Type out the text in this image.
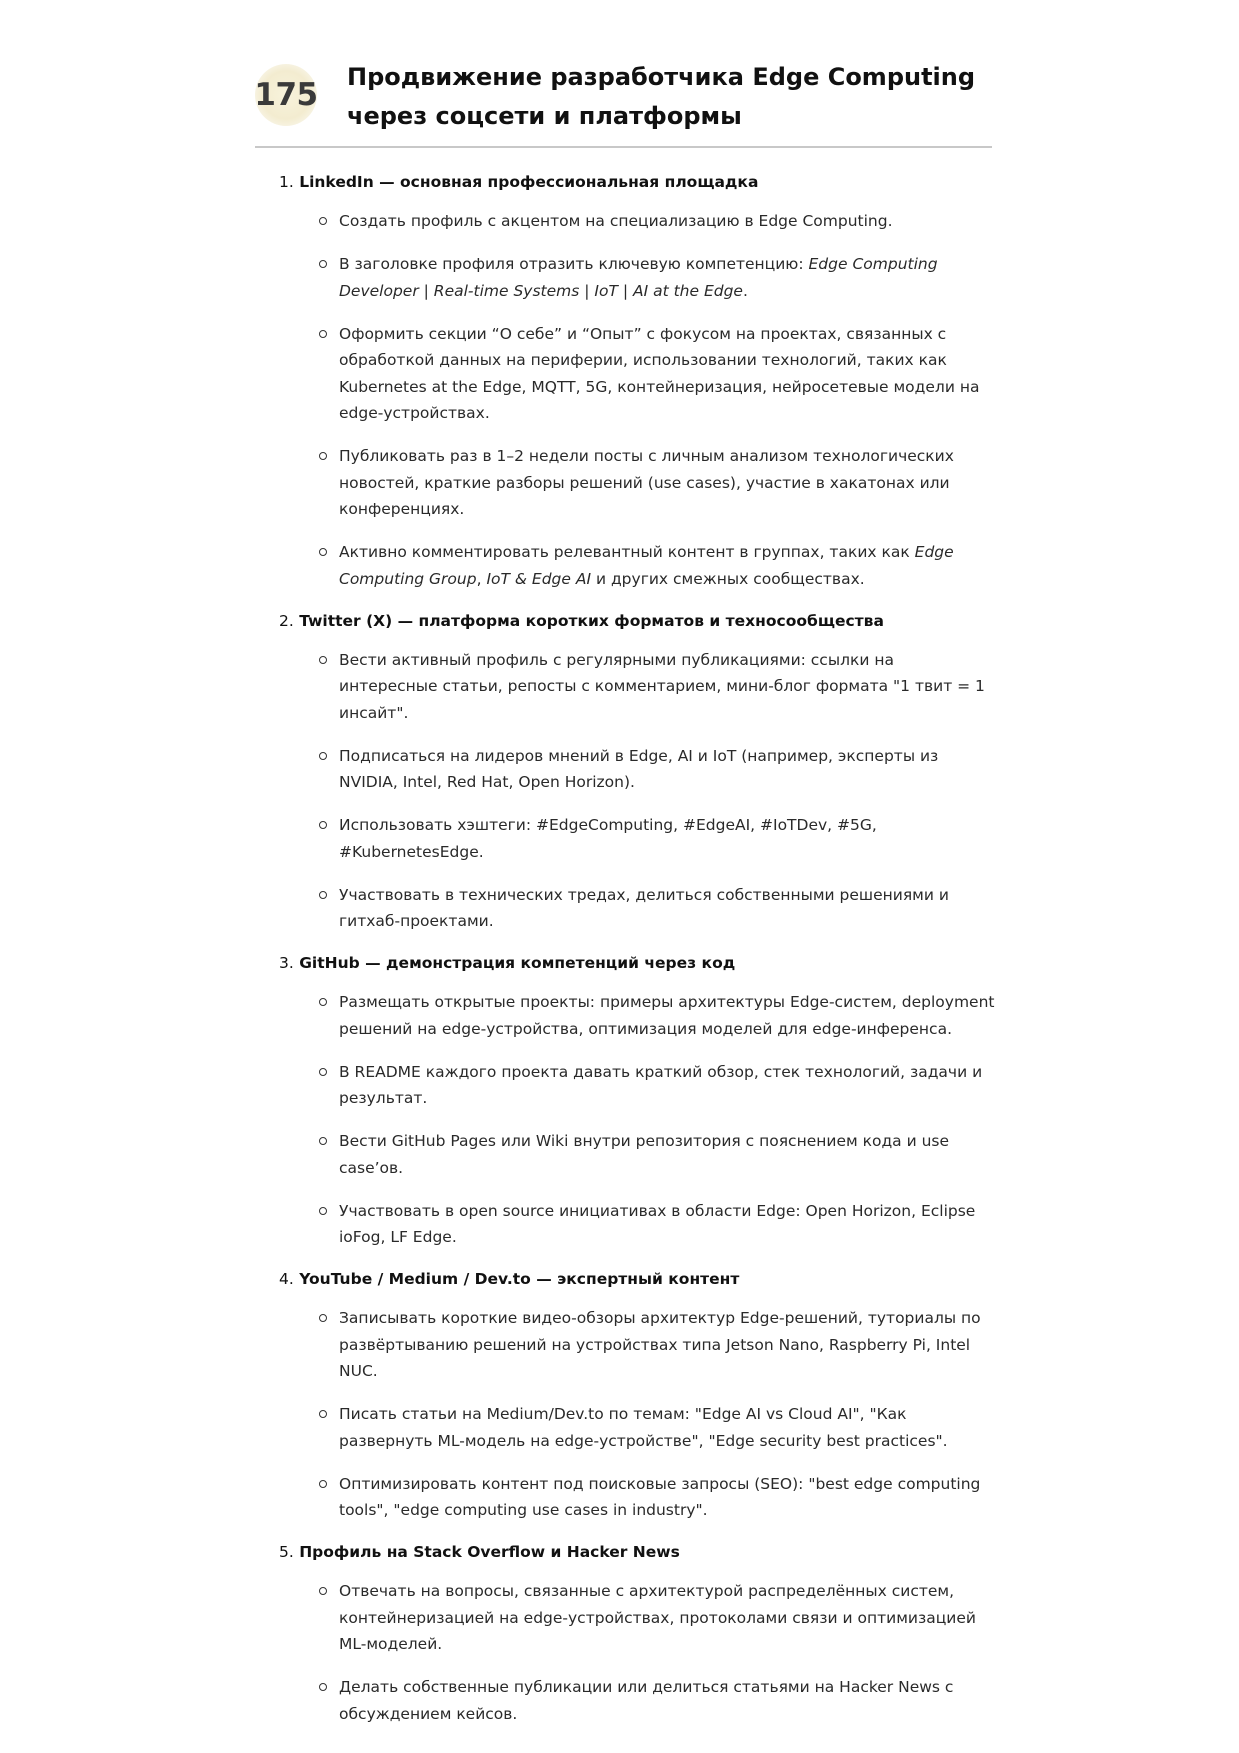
175 Продвижение разработчика Edge Computing через соцсети и платформы
1. LinkedIn — основная профессиональная площадка
Создать профиль с акцентом на специализацию в Edge Computing.
В заголовке профиля отразить ключевую компетенцию: Edge Computing Developer | Real-time Systems | IoT | AI at the Edge.
Оформить секции “О себе” и “Опыт” с фокусом на проектах, связанных с обработкой данных на периферии, использовании технологий, таких как Kubernetes at the Edge, MQTT, 5G, контейнеризация, нейросетевые модели на edge-устройствах.
Публиковать раз в 1–2 недели посты с личным анализом технологических новостей, краткие разборы решений (use cases), участие в хакатонах или конференциях.
Активно комментировать релевантный контент в группах, таких как Edge Computing Group, IoT & Edge AI и других смежных сообществах.
2. Twitter (X) — платформа коротких форматов и техносообщества
Вести активный профиль с регулярными публикациями: ссылки на интересные статьи, репосты с комментарием, мини-блог формата "1 твит = 1 инсайт".
Подписаться на лидеров мнений в Edge, AI и IoT (например, эксперты из NVIDIA, Intel, Red Hat, Open Horizon).
Использовать хэштеги: #EdgeComputing, #EdgeAI, #IoTDev, #5G, #KubernetesEdge.
Участвовать в технических тредах, делиться собственными решениями и гитхаб-проектами.
3. GitHub — демонстрация компетенций через код
Размещать открытые проекты: примеры архитектуры Edge-систем, deployment решений на edge-устройства, оптимизация моделей для edge-инференса.
В README каждого проекта давать краткий обзор, стек технологий, задачи и результат.
Вести GitHub Pages или Wiki внутри репозитория с пояснением кода и use case’ов.
Участвовать в open source инициативах в области Edge: Open Horizon, Eclipse ioFog, LF Edge.
4. YouTube / Medium / Dev.to — экспертный контент
Записывать короткие видео-обзоры архитектур Edge-решений, туториалы по развёртыванию решений на устройствах типа Jetson Nano, Raspberry Pi, Intel NUC.
Писать статьи на Medium/Dev.to по темам: "Edge AI vs Cloud AI", "Как развернуть ML-модель на edge-устройстве", "Edge security best practices".
Оптимизировать контент под поисковые запросы (SEO): "best edge computing tools", "edge computing use cases in industry".
5. Профиль на Stack Overflow и Hacker News
Отвечать на вопросы, связанные с архитектурой распределённых систем, контейнеризацией на edge-устройствах, протоколами связи и оптимизацией ML-моделей.
Делать собственные публикации или делиться статьями на Hacker News с обсуждением кейсов.
